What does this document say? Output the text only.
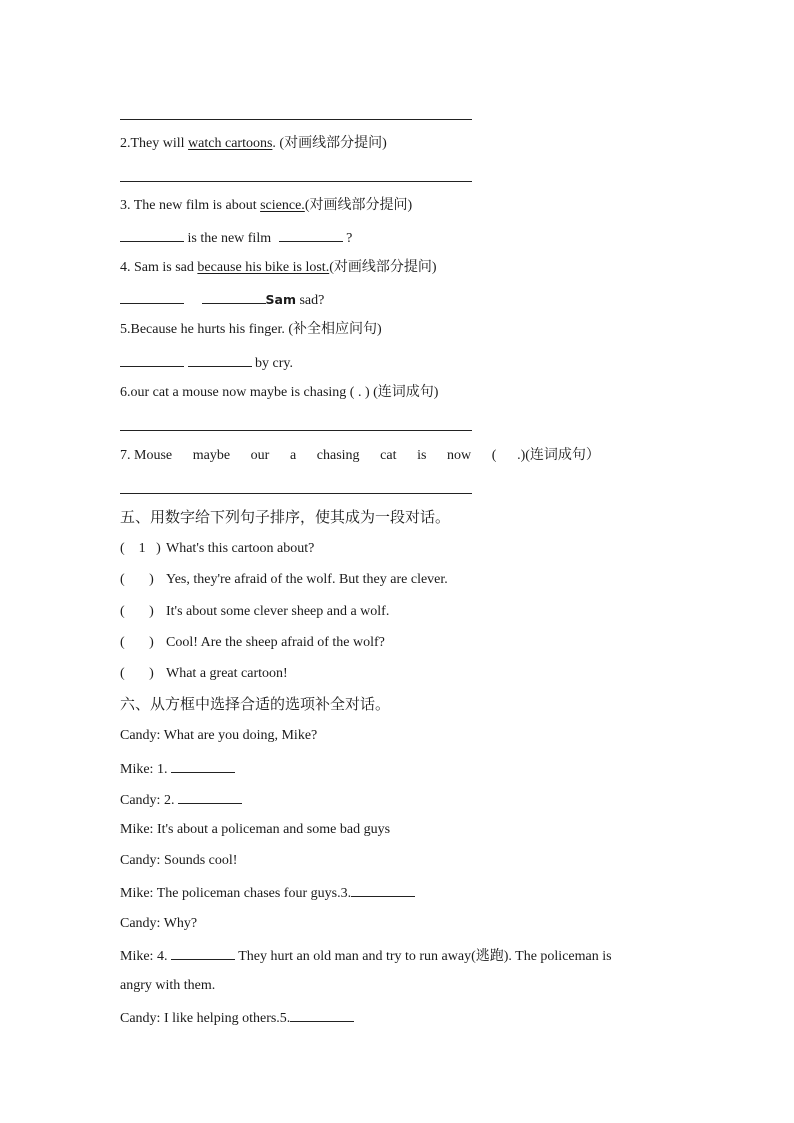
2.They will watch cartoons. (对画线部分提问)
3. The new film is about science.(对画线部分提问)
is the new film	?
4. Sam is sad because his bike is lost.(对画线部分提问)
Sam sad?
5.Because he hurts his finger. (补全相应问句)
by cry.
6.our cat a mouse now maybe is chasing ( . ) (连词成句)
7. Mouse maybe our a chasing cat is now ( .)(连词成句）
五、用数字给下列句子排序，使其成为一段对话。
(    1   ) What's this cartoon about?
(       ) Yes, they're afraid of the wolf. But they are clever.
(       ) It's about some clever sheep and a wolf.
(       ) Cool! Are the sheep afraid of the wolf?
(       ) What a great cartoon!
六、从方框中选择合适的选项补全对话。
Candy: What are you doing, Mike?
Mike: 1.
Candy: 2.
Mike: It's about a policeman and some bad guys
Candy: Sounds cool!
Mike: The policeman chases four guys.3.
Candy: Why?
Mike: 4.	They hurt an old man and try to run away(逃跑). The policeman is
angry with them.
Candy: I like helping others.5.
